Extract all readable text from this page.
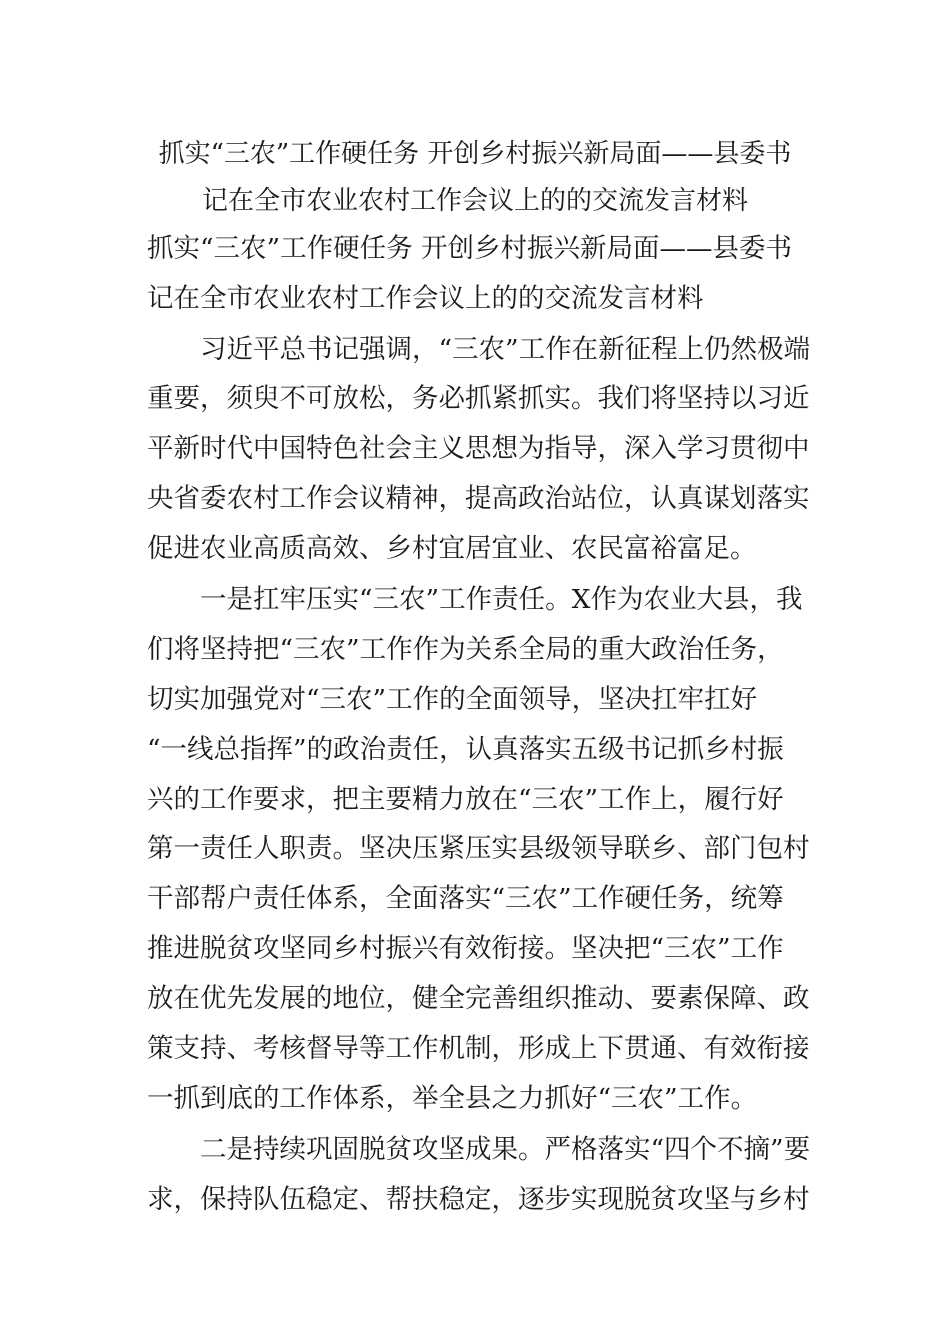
抓实“三农”工作硬任务 开创乡村振兴新局面——县委书
记在全市农业农村工作会议上的的交流发言材料
抓实“三农”工作硬任务 开创乡村振兴新局面——县委书
记在全市农业农村工作会议上的的交流发言材料
　　习近平总书记强调，“三农”工作在新征程上仍然极端
重要，须臾不可放松，务必抓紧抓实。我们将坚持以习近
平新时代中国特色社会主义思想为指导，深入学习贯彻中
央省委农村工作会议精神，提高政治站位，认真谋划落实
促进农业高质高效、乡村宜居宜业、农民富裕富足。
　　一是扛牢压实“三农”工作责任。X作为农业大县，我
们将坚持把“三农”工作作为关系全局的重大政治任务，
切实加强党对“三农”工作的全面领导，坚决扛牢扛好
“一线总指挥”的政治责任，认真落实五级书记抓乡村振
兴的工作要求，把主要精力放在“三农”工作上，履行好
第一责任人职责。坚决压紧压实县级领导联乡、部门包村
干部帮户责任体系，全面落实“三农”工作硬任务，统筹
推进脱贫攻坚同乡村振兴有效衔接。坚决把“三农”工作
放在优先发展的地位，健全完善组织推动、要素保障、政
策支持、考核督导等工作机制，形成上下贯通、有效衔接
一抓到底的工作体系，举全县之力抓好“三农”工作。
　　二是持续巩固脱贫攻坚成果。严格落实“四个不摘”要
求，保持队伍稳定、帮扶稳定，逐步实现脱贫攻坚与乡村
